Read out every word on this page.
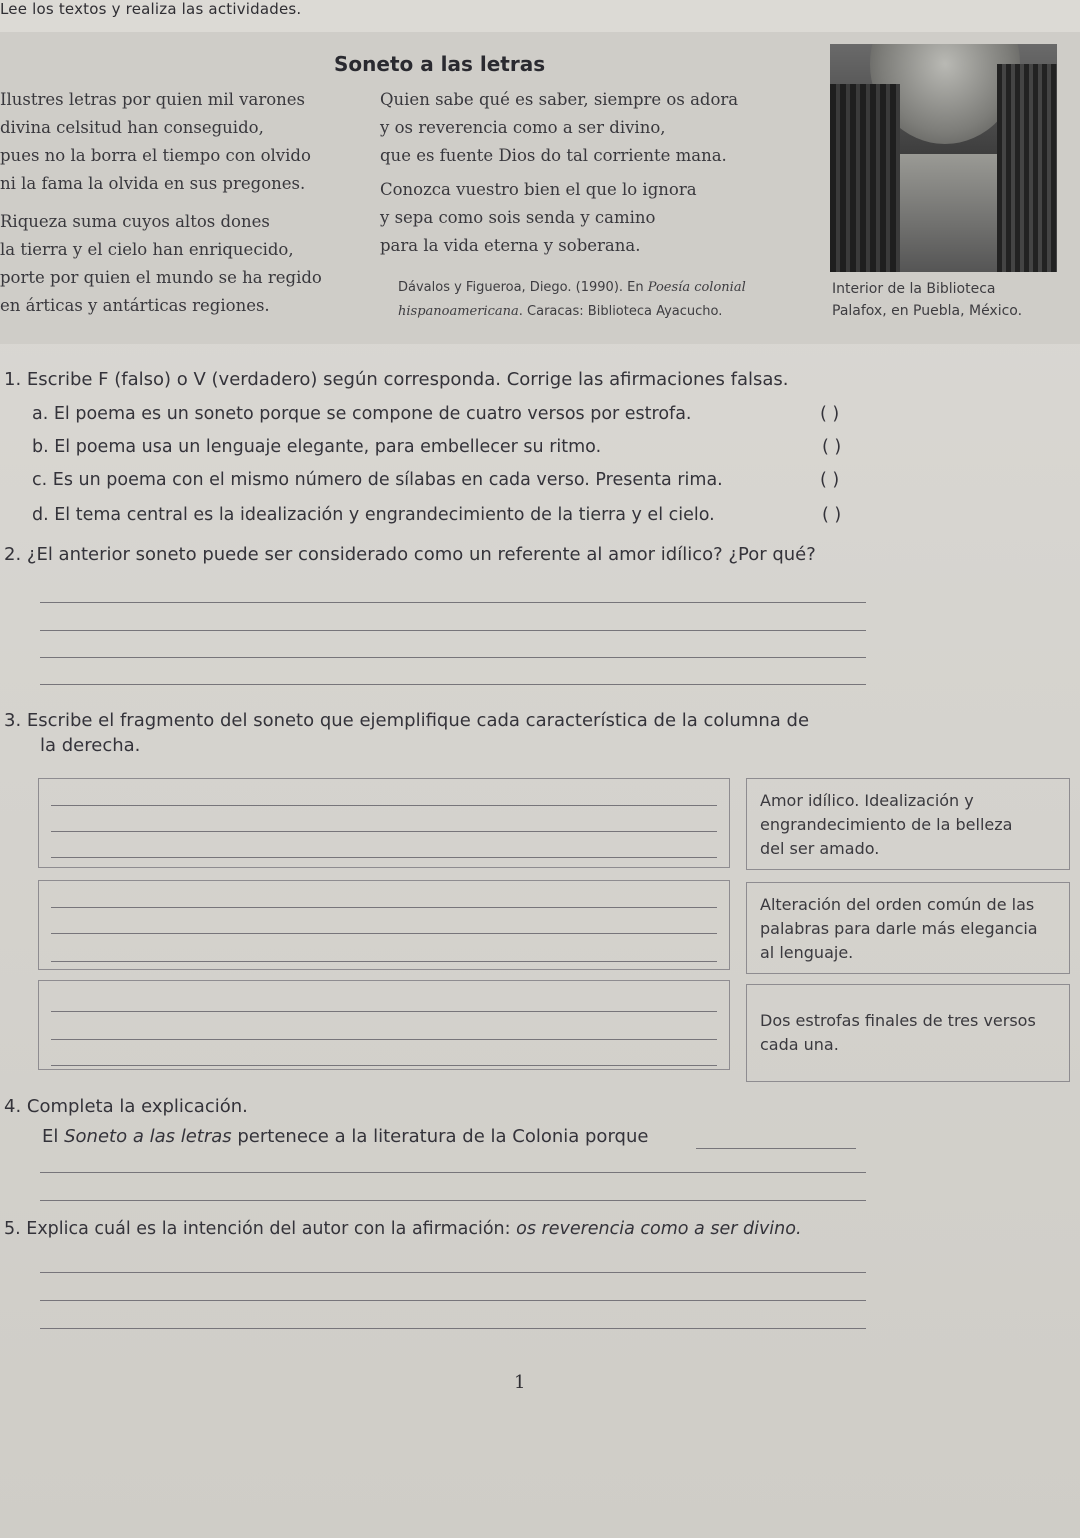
Lee los textos y realiza las actividades.
Soneto a las letras
Ilustres letras por quien mil varones
divina celsitud han conseguido,
pues no la borra el tiempo con olvido
ni la fama la olvida en sus pregones.
Riqueza suma cuyos altos dones
la tierra y el cielo han enriquecido,
porte por quien el mundo se ha regido
en árticas y antárticas regiones.
Quien sabe qué es saber, siempre os adora
y os reverencia como a ser divino,
que es fuente Dios do tal corriente mana.
Conozca vuestro bien el que lo ignora
y sepa como sois senda y camino
para la vida eterna y soberana.
Dávalos y Figueroa, Diego. (1990). En Poesía colonial
hispanoamericana. Caracas: Biblioteca Ayacucho.
Interior de la Biblioteca
Palafox, en Puebla, México.
1. Escribe F (falso) o V (verdadero) según corresponda. Corrige las afirmaciones falsas.
a. El poema es un soneto porque se compone de cuatro versos por estrofa.	( )
b. El poema usa un lenguaje elegante, para embellecer su ritmo.	( )
c. Es un poema con el mismo número de sílabas en cada verso. Presenta rima.	( )
d. El tema central es la idealización y engrandecimiento de la tierra y el cielo.	( )
2. ¿El anterior soneto puede ser considerado como un referente al amor idílico? ¿Por qué?
3. Escribe el fragmento del soneto que ejemplifique cada característica de la columna de
la derecha.
Amor idílico. Idealización y
engrandecimiento de la belleza
del ser amado.
Alteración del orden común de las
palabras para darle más elegancia
al lenguaje.
Dos estrofas finales de tres versos
cada una.
4. Completa la explicación.
El Soneto a las letras pertenece a la literatura de la Colonia porque
5. Explica cuál es la intención del autor con la afirmación: os reverencia como a ser divino.
1
